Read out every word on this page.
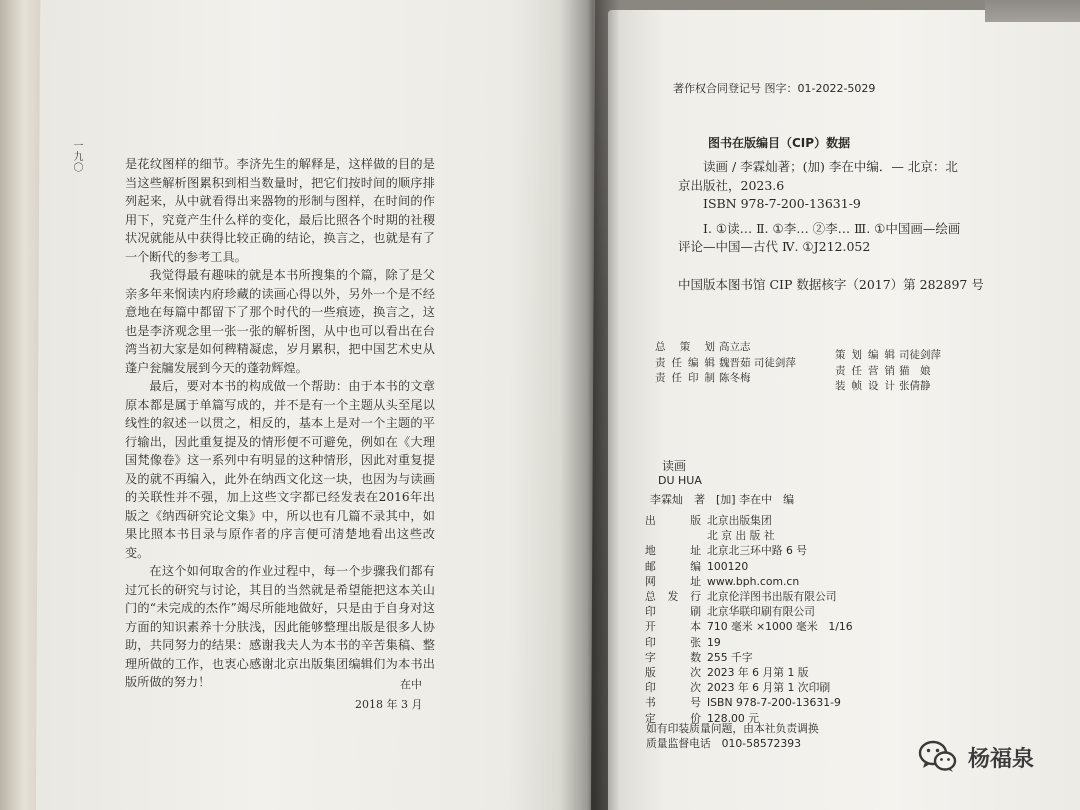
一九〇	是花纹图样的细节。李济先生的解释是，这样做的目的是当这些解析图累积到相当数量时，把它们按时间的顺序排列起来，从中就看得出来器物的形制与图样，在时间的作用下，究竟产生什么样的变化，最后比照各个时期的社稷状况就能从中获得比较正确的结论，换言之，也就是有了一个断代的参考工具。

我觉得最有趣味的就是本书所搜集的个篇，除了是父亲多年来悯读内府珍藏的读画心得以外，另外一个是不经意地在每篇中都留下了那个时代的一些痕迹，换言之，这也是李济观念里一张一张的解析图，从中也可以看出在台湾当初大家是如何稗精凝虑，岁月累积，把中国艺术史从蓬户瓮牖发展到今天的蓬勃辉煌。

最后，要对本书的构成做一个帮助：由于本书的文章原本都是属于单篇写成的，并不是有一个主题从头至尾以线性的叙述一以贯之，相反的，基本上是对一个主题的平行输出，因此重复提及的情形便不可避免，例如在《大理国梵像卷》这一系列中有明显的这种情形，因此对重复提及的就不再编入，此外在纳西文化这一块，也因为与读画的关联性并不强，加上这些文字都已经发表在2016年出版之《纳西研究论文集》中，所以也有几篇不录其中，如果比照本书目录与原作者的序言便可清楚地看出这些改变。

在这个如何取舍的作业过程中，每一个步骤我们都有过冗长的研究与讨论，其目的当然就是希望能把这本关山门的“未完成的杰作”竭尽所能地做好，只是由于自身对这方面的知识素养十分肤浅，因此能够整理出版是很多人协助，共同努力的结果：感谢我夫人为本书的辛苦集稿、整理所做的工作，也衷心感谢北京出版集团编辑们为本书出版所做的努力！	在中
2018 年 3 月
著作权合同登记号 图字：01-2022-5029
图书在版编目（CIP）数据
读画 / 李霖灿著；(加) 李在中编．— 北京：北
京出版社，2023.6
ISBN 978-7-200-13631-9
Ⅰ. ①读… Ⅱ. ①李… ②李… Ⅲ. ①中国画—绘画
评论—中国—古代 Ⅳ. ①J212.052
中国版本图书馆 CIP 数据核字（2017）第 282897 号
总 策 划 高立志
责任编辑 魏晋茹 司徒剑萍
责任印制 陈冬梅
策划编辑 司徒剑萍
责任营销 猫　娘
装帧设计 张倩静
读画
DU HUA
李霖灿　著　[加] 李在中　编
出　　版 北京出版集团
北 京 出 版 社
地　　址 北京北三环中路 6 号
邮　　编 100120
网　　址 www.bph.com.cn
总 发 行 北京伦洋图书出版有限公司
印　　刷 北京华联印刷有限公司
开　　本 710 毫米 ×1000 毫米　1/16
印　　张 19
字　　数 255 千字
版　　次 2023 年 6 月第 1 版
印　　次 2023 年 6 月第 1 次印刷
书　　号 ISBN 978-7-200-13631-9
定　　价 128.00 元
如有印装质量问题，由本社负责调换
质量监督电话　010-58572393
杨福泉
